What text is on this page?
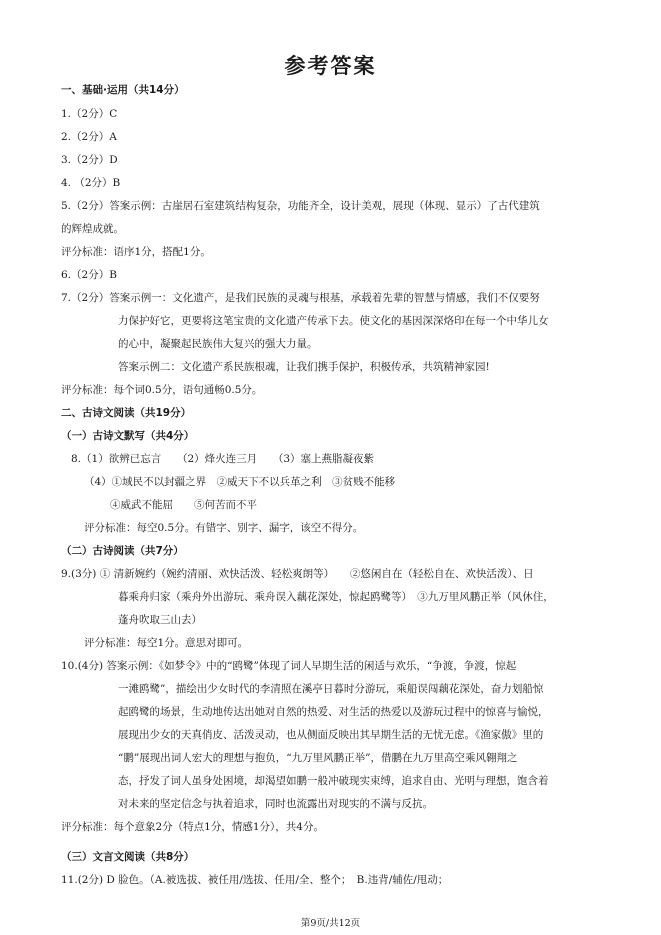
参考答案
一、基础·运用（共14分）
1.（2分）C
2.（2分）A
3.（2分）D
4. （2分）B
5.（2分）答案示例：古崖居石室建筑结构复杂，功能齐全，设计美观，展现（体现、显示）了古代建筑
的辉煌成就。
评分标准：语序1分，搭配1分。
6.（2分）B
7.（2分）答案示例一：文化遗产，是我们民族的灵魂与根基，承载着先辈的智慧与情感，我们不仅要努
力保护好它，更要将这笔宝贵的文化遗产传承下去。使文化的基因深深烙印在每一个中华儿女
的心中，凝聚起民族伟大复兴的强大力量。
答案示例二：文化遗产系民族根魂，让我们携手保护，积极传承，共筑精神家园!
评分标准：每个词0.5分，语句通畅0.5分。
二、古诗文阅读（共19分）
（一）古诗文默写（共4分）
8.（1）欲辨已忘言　　（2）烽火连三月　　（3）塞上燕脂凝夜紫
（4）①域民不以封疆之界　②威天下不以兵革之利　③贫贱不能移
④威武不能屈　　⑤何苦而不平
评分标准：每空0.5分。有错字、别字、漏字，该空不得分。
（二）古诗阅读（共7分）
9.(3分) ① 清新婉约（婉约清丽、欢快活泼、轻松爽朗等）　　②悠闲自在（轻松自在、欢快活泼）、日
暮乘舟归家（乘舟外出游玩、乘舟误入藕花深处，惊起鸥鹭等）　③九万里风鹏正举（风休住，
蓬舟吹取三山去）
评分标准：每空1分。意思对即可。
10.(4分) 答案示例：《如梦令》中的“鸥鹭”体现了词人早期生活的闲适与欢乐，“争渡，争渡，惊起
一滩鸥鹭”，描绘出少女时代的李清照在溪亭日暮时分游玩，乘船误闯藕花深处，奋力划船惊
起鸥鹭的场景，生动地传达出她对自然的热爱、对生活的热爱以及游玩过程中的惊喜与愉悦，
展现出少女的天真俏皮、活泼灵动，也从侧面反映出其早期生活的无忧无虑。《渔家傲》里的
“鹏”展现出词人宏大的理想与抱负，“九万里风鹏正举”，借鹏在九万里高空乘风翱翔之
态，抒发了词人虽身处困境，却渴望如鹏一般冲破现实束缚，追求自由、光明与理想，饱含着
对未来的坚定信念与执着追求，同时也流露出对现实的不满与反抗。
评分标准：每个意象2分（特点1分，情感1分），共4分。
（三）文言文阅读（共8分）
11.(2分) D 脸色。（A.被选拔、被任用/选拔、任用/全、整个；　B.违背/辅佐/甩动；
第9页/共12页
